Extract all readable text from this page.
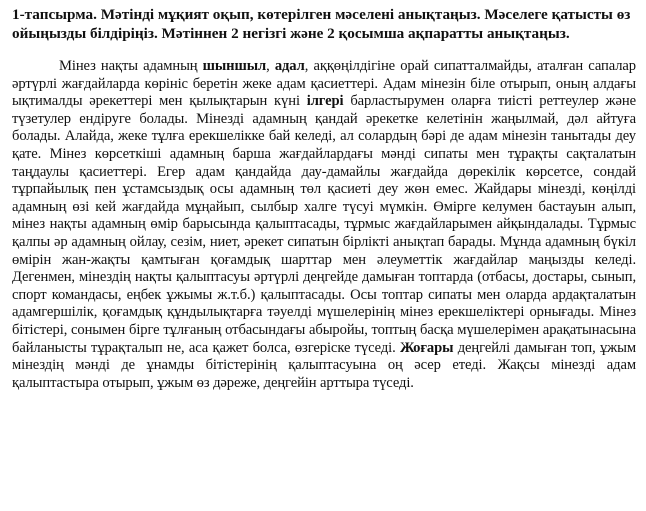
1-тапсырма. Мәтінді мұқият оқып, көтерілген мәселені анықтаңыз. Мәселеге қатысты өз ойыңызды білдіріңіз. Мәтіннен 2 негізгі және 2 қосымша ақпаратты анықтаңыз.

Мінез нақты адамның шыншыл, адал, аққөңілдігіне орай сипатталмайды, аталған сапалар әртүрлі жағдайларда көрініс беретін жеке адам қасиеттері. Адам мінезін біле отырып, оның алдағы ықтималды әрекеттері мен қылықтарын күні ілгері барластырумен оларға тиісті реттеулер және түзетулер ендіруге болады. Мінезді адамның қандай әрекетке келетінін жаңылмай, дәл айтуға болады. Алайда, жеке тұлға ерекшелікке бай келеді, ал солардың бәрі де адам мінезін танытады деу қате. Мінез көрсеткіші адамның барша жағдайлардағы мәнді сипаты мен тұрақты сақталатын таңдаулы қасиеттері. Егер адам қандайда дау-дамайлы жағдайда дөрекілік көрсетсе, сондай тұрпайылық пен ұстамсыздық осы адамның төл қасиеті деу жөн емес. Жайдары мінезді, көңілді адамның өзі кей жағдайда мұңайып, сылбыр халге түсуі мүмкін. Өмірге келумен бастауын алып, мінез нақты адамның өмір барысында қалыптасады, тұрмыс жағдайларымен айқындалады. Тұрмыс қалпы әр адамның ойлау, сезім, ниет, әрекет сипатын бірлікті анықтап барады. Мұнда адамның бүкіл өмірін жан-жақты қамтыған қоғамдық шарттар мен әлеуметтік жағдайлар маңызды келеді. Дегенмен, мінездің нақты қалыптасуы әртүрлі деңгейде дамыған топтарда (отбасы, достары, сынып, спорт командасы, еңбек ұжымы ж.т.б.) қалыптасады. Осы топтар сипаты мен оларда ардақталатын адамгершілік, қоғамдық құндылықтарға тәуелді мүшелерінің мінез ерекшеліктері орнығады. Мінез бітістері, сонымен бірге тұлғаның отбасындағы абыройы, топтың басқа мүшелерімен арақатынасына байланысты тұрақталып не, аса қажет болса, өзгеріске түседі. Жоғары деңгейлі дамыған топ, ұжым мінездің мәнді де ұнамды бітістерінің қалыптасуына оң әсер етеді. Жақсы мінезді адам қалыптастыра отырып, ұжым өз дәреже, деңгейін арттыра түседі.
